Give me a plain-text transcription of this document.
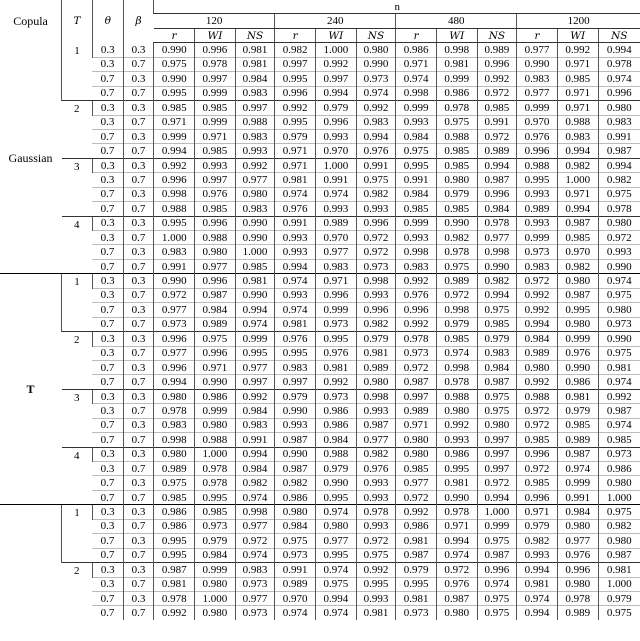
Copula	T	θ	β	n											
				120			240			480			1200		
				r	WI	NS	r	WI	NS	r	WI	NS	r	WI	NS
Gaussian	1	0.3	0.3	0.990	0.996	0.981	0.982	1.000	0.980	0.986	0.998	0.989	0.977	0.992	0.994
		0.3	0.7	0.975	0.978	0.981	0.997	0.992	0.990	0.971	0.981	0.996	0.990	0.971	0.978
		0.7	0.3	0.990	0.997	0.984	0.995	0.997	0.973	0.974	0.999	0.992	0.983	0.985	0.974
		0.7	0.7	0.995	0.999	0.983	0.996	0.994	0.974	0.998	0.986	0.972	0.977	0.971	0.996
	2	0.3	0.3	0.985	0.985	0.997	0.992	0.979	0.992	0.999	0.978	0.985	0.999	0.971	0.980
		0.3	0.7	0.971	0.999	0.988	0.995	0.996	0.983	0.993	0.975	0.991	0.970	0.988	0.983
		0.7	0.3	0.999	0.971	0.983	0.979	0.993	0.994	0.984	0.988	0.972	0.976	0.983	0.991
		0.7	0.7	0.994	0.985	0.993	0.971	0.970	0.976	0.975	0.985	0.989	0.996	0.994	0.987
	3	0.3	0.3	0.992	0.993	0.992	0.971	1.000	0.991	0.995	0.985	0.994	0.988	0.982	0.994
		0.3	0.7	0.996	0.997	0.977	0.981	0.991	0.975	0.991	0.980	0.987	0.995	1.000	0.982
		0.7	0.3	0.998	0.976	0.980	0.974	0.974	0.982	0.984	0.979	0.996	0.993	0.971	0.975
		0.7	0.7	0.988	0.985	0.983	0.976	0.993	0.993	0.985	0.985	0.984	0.989	0.994	0.978
	4	0.3	0.3	0.995	0.996	0.990	0.991	0.989	0.996	0.999	0.990	0.978	0.993	0.987	0.980
		0.3	0.7	1.000	0.988	0.990	0.993	0.970	0.972	0.993	0.982	0.977	0.999	0.985	0.972
		0.7	0.3	0.983	0.980	1.000	0.993	0.977	0.972	0.998	0.978	0.998	0.973	0.970	0.993
		0.7	0.7	0.991	0.977	0.985	0.994	0.983	0.973	0.983	0.975	0.990	0.983	0.982	0.990
T	1	0.3	0.3	0.990	0.996	0.981	0.974	0.971	0.998	0.992	0.989	0.982	0.972	0.980	0.974
		0.3	0.7	0.972	0.987	0.990	0.993	0.996	0.993	0.976	0.972	0.994	0.992	0.987	0.975
		0.7	0.3	0.977	0.984	0.994	0.974	0.999	0.996	0.996	0.998	0.975	0.992	0.995	0.980
		0.7	0.7	0.973	0.989	0.974	0.981	0.973	0.982	0.992	0.979	0.985	0.994	0.980	0.973
	2	0.3	0.3	0.996	0.975	0.999	0.976	0.995	0.979	0.978	0.985	0.979	0.984	0.999	0.990
		0.3	0.7	0.977	0.996	0.995	0.995	0.976	0.981	0.973	0.974	0.983	0.989	0.976	0.975
		0.7	0.3	0.996	0.971	0.977	0.983	0.981	0.989	0.972	0.998	0.984	0.980	0.990	0.981
		0.7	0.7	0.994	0.990	0.997	0.997	0.992	0.980	0.987	0.978	0.987	0.992	0.986	0.974
	3	0.3	0.3	0.980	0.986	0.992	0.979	0.973	0.998	0.997	0.988	0.975	0.988	0.981	0.992
		0.3	0.7	0.978	0.999	0.984	0.990	0.986	0.993	0.989	0.980	0.975	0.972	0.979	0.987
		0.7	0.3	0.983	0.980	0.983	0.993	0.986	0.987	0.971	0.992	0.980	0.972	0.985	0.974
		0.7	0.7	0.998	0.988	0.991	0.987	0.984	0.977	0.980	0.993	0.997	0.985	0.989	0.985
	4	0.3	0.3	0.980	1.000	0.994	0.990	0.988	0.982	0.980	0.986	0.997	0.996	0.987	0.973
		0.3	0.7	0.989	0.978	0.984	0.987	0.979	0.976	0.985	0.995	0.997	0.972	0.974	0.986
		0.7	0.3	0.975	0.978	0.982	0.982	0.990	0.993	0.977	0.981	0.972	0.985	0.999	0.980
		0.7	0.7	0.985	0.995	0.974	0.986	0.995	0.993	0.972	0.990	0.994	0.996	0.991	1.000
	1	0.3	0.3	0.986	0.985	0.998	0.980	0.974	0.978	0.992	0.978	1.000	0.971	0.984	0.975
		0.3	0.7	0.986	0.973	0.977	0.984	0.980	0.993	0.986	0.971	0.999	0.979	0.980	0.982
		0.7	0.3	0.995	0.979	0.972	0.975	0.977	0.972	0.981	0.994	0.975	0.982	0.977	0.980
		0.7	0.7	0.995	0.984	0.974	0.973	0.995	0.975	0.987	0.974	0.987	0.993	0.976	0.987
	2	0.3	0.3	0.987	0.999	0.983	0.991	0.974	0.992	0.979	0.972	0.996	0.994	0.996	0.981
		0.3	0.7	0.981	0.980	0.973	0.989	0.975	0.995	0.995	0.976	0.974	0.981	0.980	1.000
		0.7	0.3	0.978	1.000	0.977	0.970	0.994	0.993	0.981	0.987	0.975	0.974	0.978	0.979
		0.7	0.7	0.992	0.980	0.973	0.974	0.974	0.981	0.973	0.980	0.975	0.994	0.989	0.975
